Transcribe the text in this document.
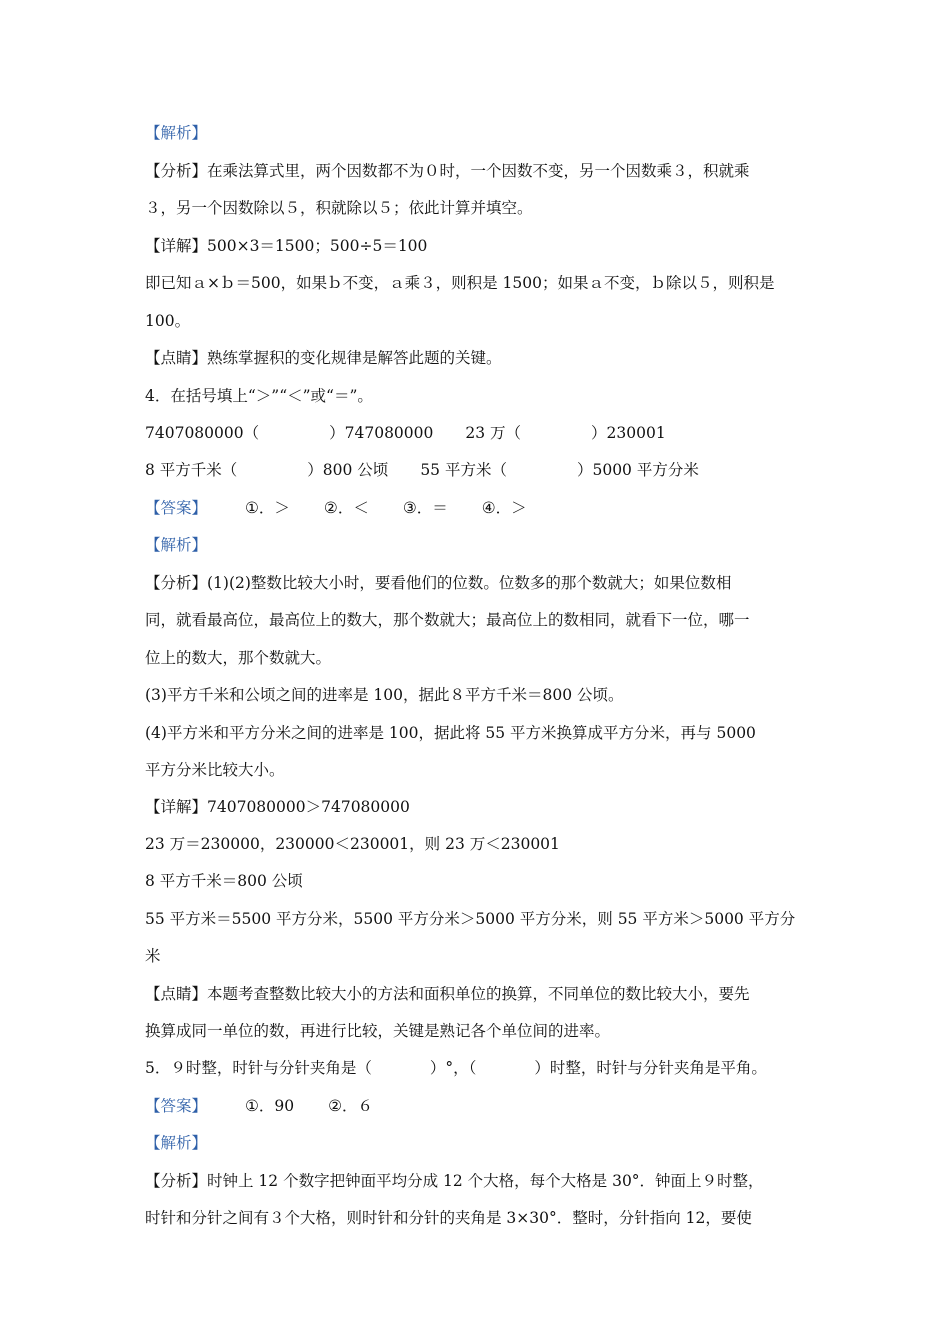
【解析】
【分析】在乘法算式里，两个因数都不为０时，一个因数不变，另一个因数乘３，积就乘
３，另一个因数除以５，积就除以５；依此计算并填空。
【详解】500×3＝1500；500÷5＝100
即已知ａ×ｂ＝500，如果ｂ不变，ａ乘３，则积是 1500；如果ａ不变，ｂ除以５，则积是
100。
【点睛】熟练掌握积的变化规律是解答此题的关键。
4．在括号填上“＞”“＜”或“＝”。
7407080000（	）747080000 23 万（	）230001
8 平方千米（	）800 公顷 55 平方米（	）5000 平方分米
【答案】 ①．＞ ②．＜ ③．＝ ④．＞
【解析】
【分析】(1)(2)整数比较大小时，要看他们的位数。位数多的那个数就大；如果位数相
同，就看最高位，最高位上的数大，那个数就大；最高位上的数相同，就看下一位，哪一
位上的数大，那个数就大。
(3)平方千米和公顷之间的进率是 100，据此８平方千米＝800 公顷。
(4)平方米和平方分米之间的进率是 100，据此将 55 平方米换算成平方分米，再与 5000
平方分米比较大小。
【详解】7407080000＞747080000
23 万＝230000，230000＜230001，则 23 万＜230001
8 平方千米＝800 公顷
55 平方米＝5500 平方分米，5500 平方分米＞5000 平方分米，则 55 平方米＞5000 平方分
米
【点睛】本题考查整数比较大小的方法和面积单位的换算，不同单位的数比较大小，要先
换算成同一单位的数，再进行比较，关键是熟记各个单位间的进率。
5．９时整，时针与分针夹角是（	）°，（	）时整，时针与分针夹角是平角。
【答案】 ①．90 ②．６
【解析】
【分析】时钟上 12 个数字把钟面平均分成 12 个大格，每个大格是 30°．钟面上９时整，
时针和分针之间有３个大格，则时针和分针的夹角是 3×30°．整时，分针指向 12，要使
